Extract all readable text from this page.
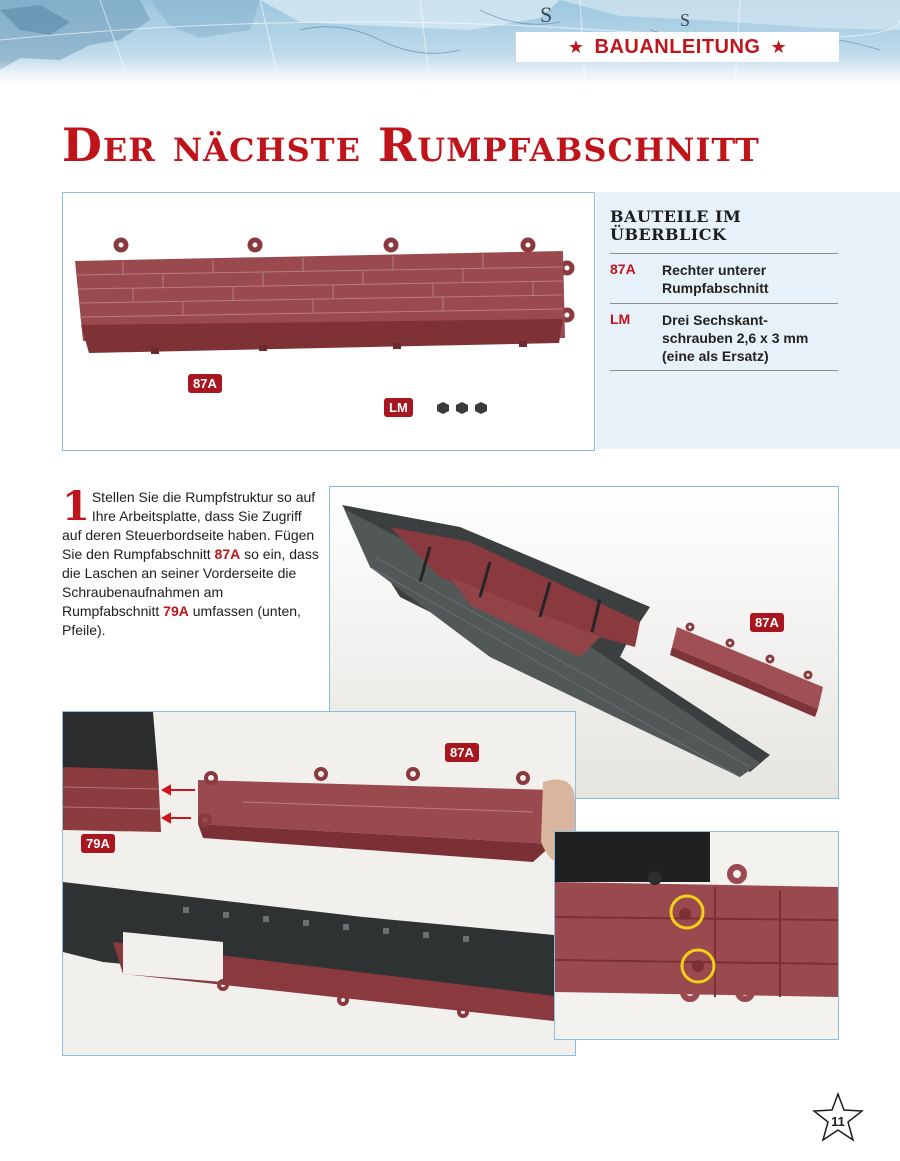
S	S
★ BAUANLEITUNG ★
Der nächste Rumpfabschnitt
87A
LM
BAUTEILE IM ÜBERBLICK
87A Rechter unterer Rumpfabschnitt
LM Drei Sechskant-schrauben 2,6 x 3 mm (eine als Ersatz)
1 Stellen Sie die Rumpfstruktur so auf Ihre Arbeitsplatte, dass Sie Zugriff auf deren Steuerbordseite haben. Fügen Sie den Rumpfabschnitt 87A so ein, dass die Laschen an seiner Vorderseite die Schraubenaufnahmen am Rumpfabschnitt 79A umfassen (unten, Pfeile).	87A
87A
79A
11
